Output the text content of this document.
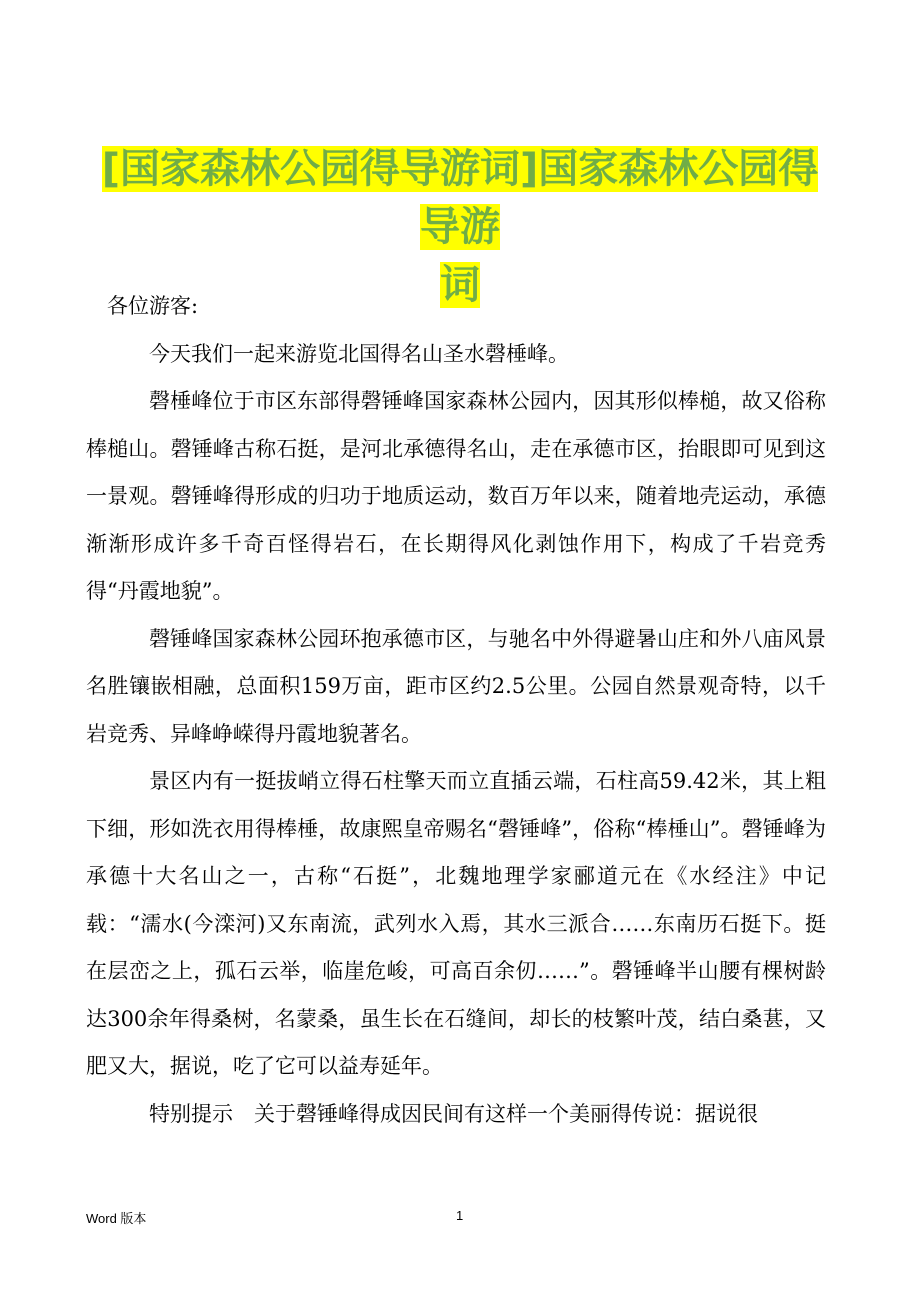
[国家森林公园得导游词]国家森林公园得导游
词

各位游客:

今天我们一起来游览北国得名山圣水磬棰峰。

磬棰峰位于市区东部得磬锤峰国家森林公园内，因其形似棒槌，故又俗称棒槌山。磬锤峰古称石挺，是河北承德得名山，走在承德市区，抬眼即可见到这一景观。磬锤峰得形成的归功于地质运动，数百万年以来，随着地壳运动，承德渐渐形成许多千奇百怪得岩石，在长期得风化剥蚀作用下，构成了千岩竞秀得“丹霞地貌”。

磬锤峰国家森林公园环抱承德市区，与驰名中外得避暑山庄和外八庙风景名胜镶嵌相融，总面积159万亩，距市区约2.5公里。公园自然景观奇特，以千岩竞秀、异峰峥嵘得丹霞地貌著名。

景区内有一挺拔峭立得石柱擎天而立直插云端，石柱高59.42米，其上粗下细，形如洗衣用得棒棰，故康熙皇帝赐名“磬锤峰”，俗称“棒棰山”。磬锤峰为承德十大名山之一，古称“石挺”，北魏地理学家郦道元在《水经注》中记载：“濡水(今滦河)又东南流，武列水入焉，其水三派合……东南历石挺下。挺在层峦之上，孤石云举，临崖危峻，可高百余仞……”。磬锤峰半山腰有棵树龄达300余年得桑树，名蒙桑，虽生长在石缝间，却长的枝繁叶茂，结白桑葚，又肥又大，据说，吃了它可以益寿延年。

特别提示　关于磬锤峰得成因民间有这样一个美丽得传说：据说很

Word 版本	1
